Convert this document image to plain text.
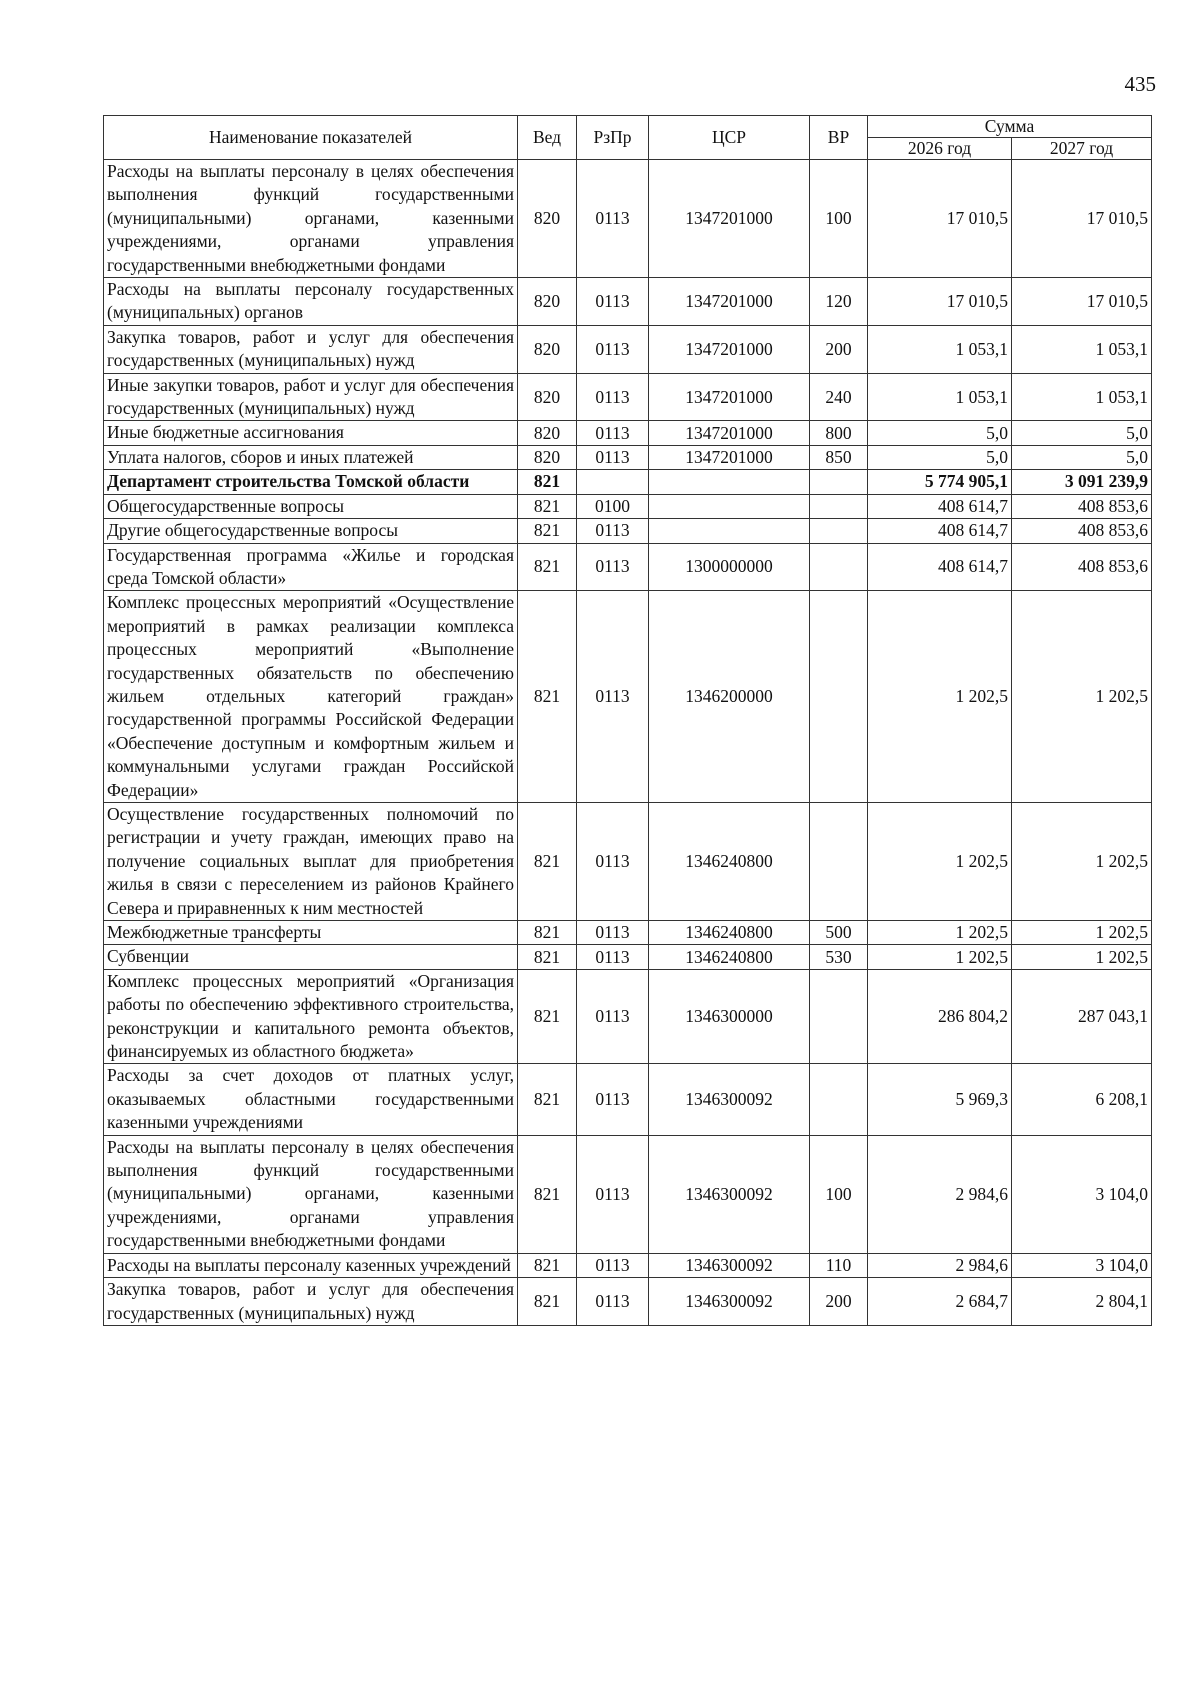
435
Наименование показателей	Вед	РзПр	ЦСР	ВР	Сумма	
					2026 год	2027 год
Расходы на выплаты персоналу в целях обеспечения выполнения функций государственными (муниципальными) органами, казенными учреждениями, органами управления государственными внебюджетными фондами	820	0113	1347201000	100	17 010,5	17 010,5
Расходы на выплаты персоналу государственных (муниципальных) органов	820	0113	1347201000	120	17 010,5	17 010,5
Закупка товаров, работ и услуг для обеспечения государственных (муниципальных) нужд	820	0113	1347201000	200	1 053,1	1 053,1
Иные закупки товаров, работ и услуг для обеспечения государственных (муниципальных) нужд	820	0113	1347201000	240	1 053,1	1 053,1
Иные бюджетные ассигнования	820	0113	1347201000	800	5,0	5,0
Уплата налогов, сборов и иных платежей	820	0113	1347201000	850	5,0	5,0
Департамент строительства Томской области	821				5 774 905,1	3 091 239,9
Общегосударственные вопросы	821	0100			408 614,7	408 853,6
Другие общегосударственные вопросы	821	0113			408 614,7	408 853,6
Государственная программа «Жилье и городская среда Томской области»	821	0113	1300000000		408 614,7	408 853,6
Комплекс процессных мероприятий «Осуществление мероприятий в рамках реализации комплекса процессных мероприятий «Выполнение государственных обязательств по обеспечению жильем отдельных категорий граждан» государственной программы Российской Федерации «Обеспечение доступным и комфортным жильем и коммунальными услугами граждан Российской Федерации»	821	0113	1346200000		1 202,5	1 202,5
Осуществление государственных полномочий по регистрации и учету граждан, имеющих право на получение социальных выплат для приобретения жилья в связи с переселением из районов Крайнего Севера и приравненных к ним местностей	821	0113	1346240800		1 202,5	1 202,5
Межбюджетные трансферты	821	0113	1346240800	500	1 202,5	1 202,5
Субвенции	821	0113	1346240800	530	1 202,5	1 202,5
Комплекс процессных мероприятий «Организация работы по обеспечению эффективного строительства, реконструкции и капитального ремонта объектов, финансируемых из областного бюджета»	821	0113	1346300000		286 804,2	287 043,1
Расходы за счет доходов от платных услуг, оказываемых областными государственными казенными учреждениями	821	0113	1346300092		5 969,3	6 208,1
Расходы на выплаты персоналу в целях обеспечения выполнения функций государственными (муниципальными) органами, казенными учреждениями, органами управления государственными внебюджетными фондами	821	0113	1346300092	100	2 984,6	3 104,0
Расходы на выплаты персоналу казенных учреждений	821	0113	1346300092	110	2 984,6	3 104,0
Закупка товаров, работ и услуг для обеспечения государственных (муниципальных) нужд	821	0113	1346300092	200	2 684,7	2 804,1
